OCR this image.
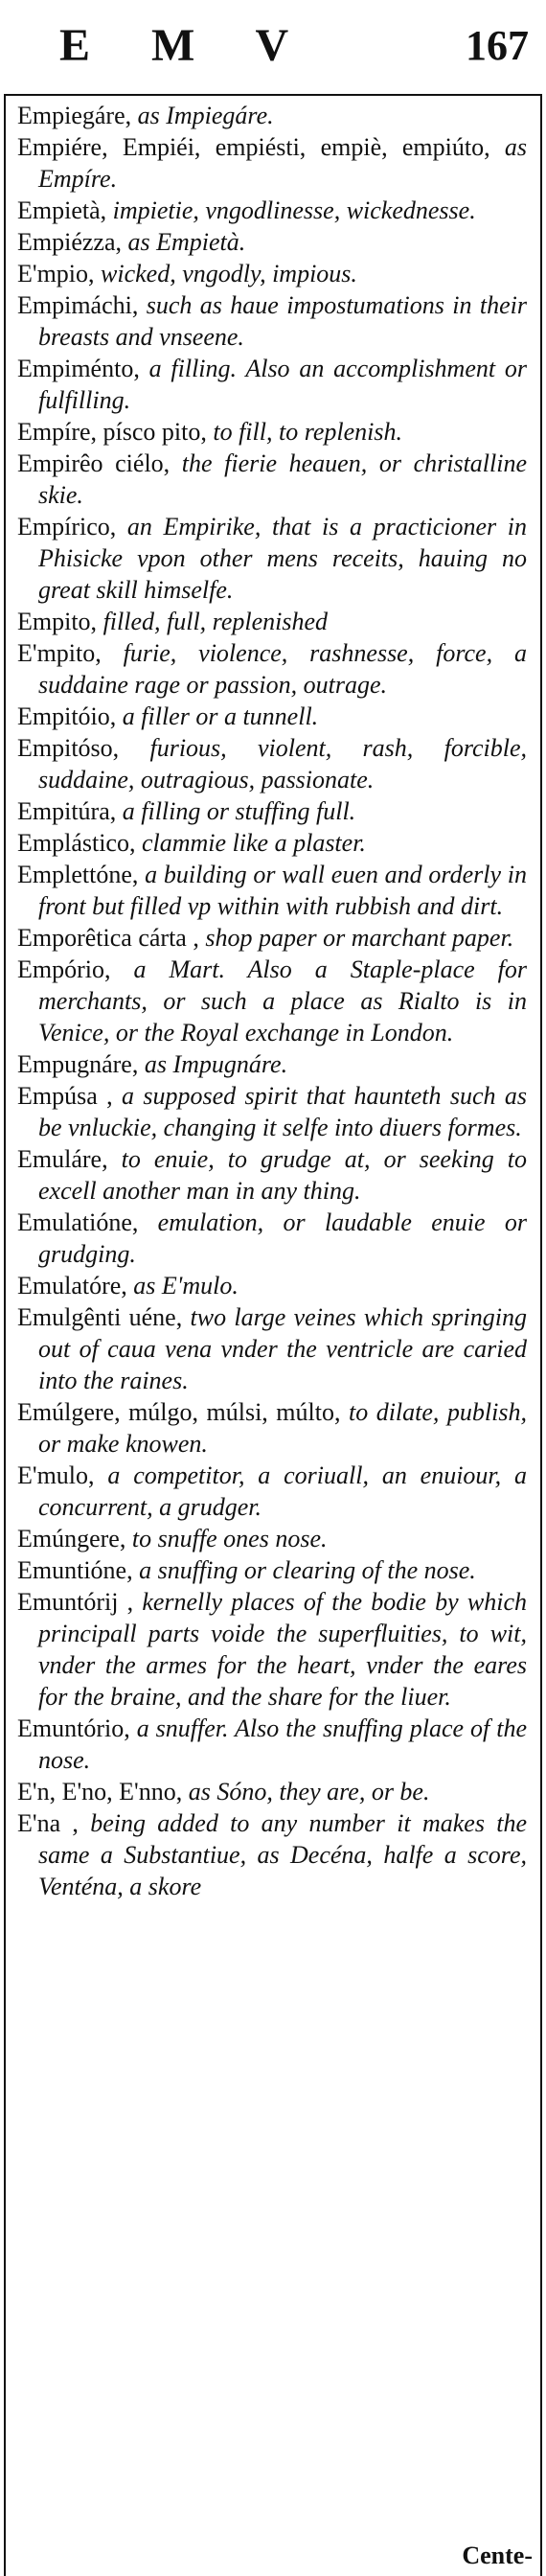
E M V	167
Empiegáre, as Impiegáre.
Empiére, Empiéi, empiésti, empiè, empiúto, as Empíre.
Empietà, impietie, vngodlinesse, wickednesse.
Empiézza, as Empietà.
E'mpio, wicked, vngodly, impious.
Empimáchi, such as haue impostumations in their breasts and vnseene.
Empiménto, a filling. Also an accomplishment or fulfilling.
Empíre, písco pito, to fill, to replenish.
Empirêo ciélo, the fierie heauen, or christalline skie.
Empírico, an Empirike, that is a practicioner in Phisicke vpon other mens receits, hauing no great skill himselfe.
Empito, filled, full, replenished
E'mpito, furie, violence, rashnesse, force, a suddaine rage or passion, outrage.
Empitóio, a filler or a tunnell.
Empitóso, furious, violent, rash, forcible, suddaine, outragious, passionate.
Empitúra, a filling or stuffing full.
Emplástico, clammie like a plaster.
Emplettóne, a building or wall euen and orderly in front but filled vp within with rubbish and dirt.
Emporêtica cárta , shop paper or marchant paper.
Empório, a Mart. Also a Staple-place for merchants, or such a place as Rialto is in Venice, or the Royal exchange in London.
Empugnáre, as Impugnáre.
Empúsa , a supposed spirit that haunteth such as be vnluckie, changing it selfe into diuers formes.
Emuláre, to enuie, to grudge at, or seeking to excell another man in any thing.
Emulatióne, emulation, or laudable enuie or grudging.
Emulatóre, as E'mulo.
Emulgênti uéne, two large veines which springing out of caua vena vnder the ventricle are caried into the raines.
Emúlgere, múlgo, múlsi, múlto, to dilate, publish, or make knowen.
E'mulo, a competitor, a coriuall, an enuiour, a concurrent, a grudger.
Emúngere, to snuffe ones nose.
Emuntióne, a snuffing or clearing of the nose.
Emuntórij , kernelly places of the bodie by which principall parts voide the superfluities, to wit, vnder the armes for the heart, vnder the eares for the braine, and the share for the liuer.
Emuntório, a snuffer. Also the snuffing place of the nose.
E'n, E'no, E'nno, as Sóno, they are, or be.
E'na , being added to any number it makes the same a Substantiue, as Decéna, halfe a score, Venténa, a skore
Cente-
